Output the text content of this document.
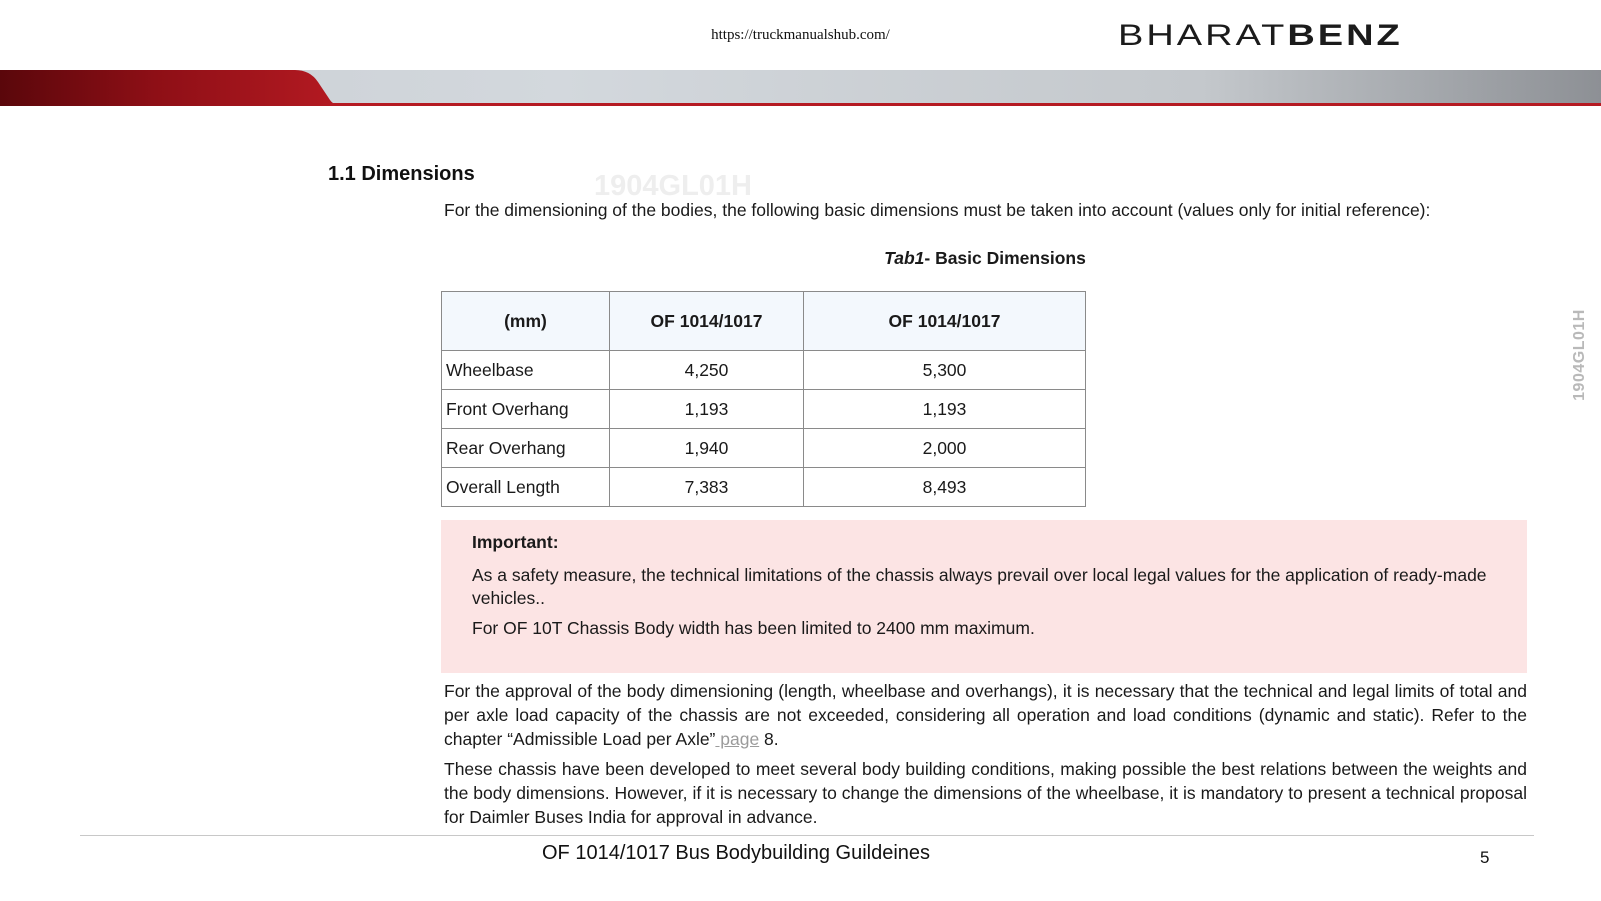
https://truckmanualshub.com/	BHARATBENZ
1.1 Dimensions	1904GL01H
1904GL01H
For the dimensioning of the bodies, the following basic dimensions must be taken into account (values only for initial reference):
Tab1- Basic Dimensions
(mm)	OF 1014/1017	OF 1014/1017
Wheelbase	4,250	5,300
Front Overhang	1,193	1,193
Rear Overhang	1,940	2,000
Overall Length	7,383	8,493
Important:
As a safety measure, the technical limitations of the chassis always prevail over local legal values for the application of ready-made vehicles..
For OF 10T Chassis Body width has been limited to 2400 mm maximum.
For the approval of the body dimensioning (length, wheelbase and overhangs), it is necessary that the technical and legal limits of total and per axle load capacity of the chassis are not exceeded, considering all operation and load conditions (dynamic and static). Refer to the chapter “Admissible Load per Axle” page 8.
These chassis have been developed to meet several body building conditions, making possible the best relations between the weights and the body dimensions. However, if it is necessary to change the dimensions of the wheelbase, it is mandatory to present a technical proposal for Daimler Buses India for approval in advance.
OF 1014/1017 Bus Bodybuilding Guildeines	5
